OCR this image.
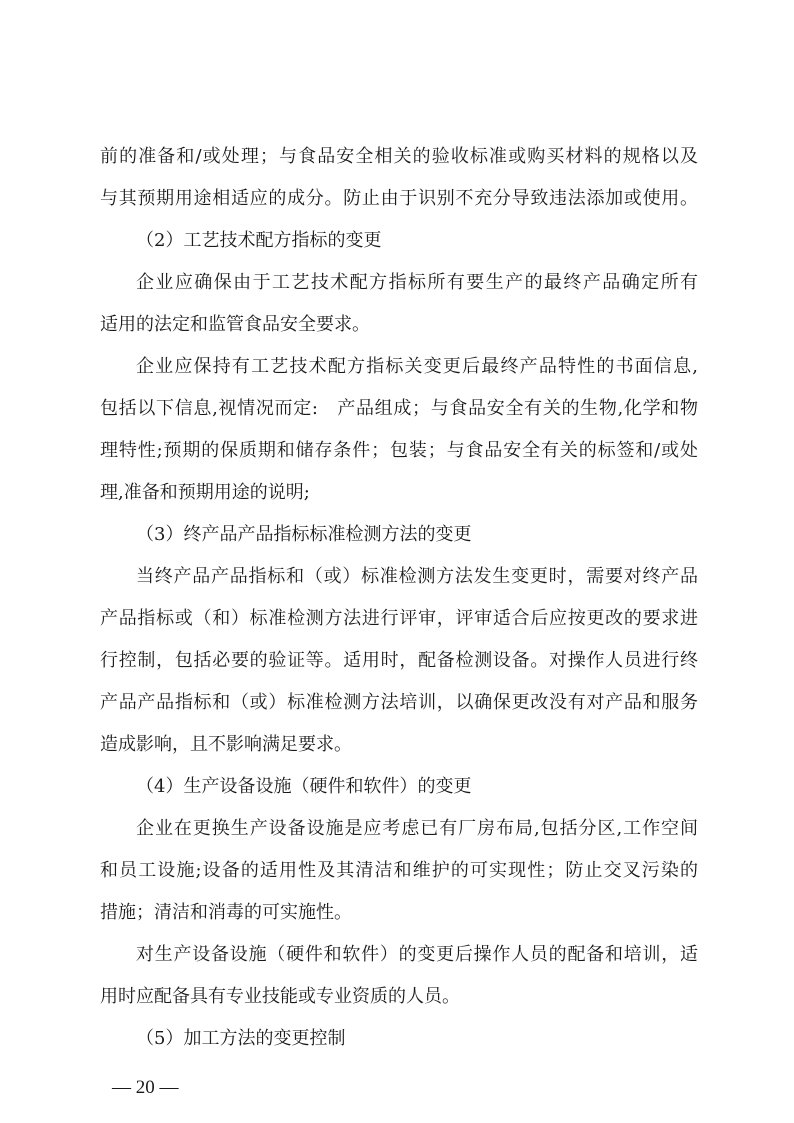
前的准备和/或处理；与食品安全相关的验收标准或购买材料的规格以及
与其预期用途相适应的成分。防止由于识别不充分导致违法添加或使用。
（2）工艺技术配方指标的变更
企业应确保由于工艺技术配方指标所有要生产的最终产品确定所有
适用的法定和监管食品安全要求。
企业应保持有工艺技术配方指标关变更后最终产品特性的书面信息,
包括以下信息,视情况而定:　产品组成；与食品安全有关的生物,化学和物
理特性;预期的保质期和储存条件；包装；与食品安全有关的标签和/或处
理,准备和预期用途的说明;
（3）终产品产品指标标准检测方法的变更
当终产品产品指标和（或）标准检测方法发生变更时，需要对终产品
产品指标或（和）标准检测方法进行评审，评审适合后应按更改的要求进
行控制，包括必要的验证等。适用时，配备检测设备。对操作人员进行终
产品产品指标和（或）标准检测方法培训，以确保更改没有对产品和服务
造成影响，且不影响满足要求。
（4）生产设备设施（硬件和软件）的变更
企业在更换生产设备设施是应考虑已有厂房布局,包括分区,工作空间
和员工设施;设备的适用性及其清洁和维护的可实现性；防止交叉污染的
措施；清洁和消毒的可实施性。
对生产设备设施（硬件和软件）的变更后操作人员的配备和培训，适
用时应配备具有专业技能或专业资质的人员。
（5）加工方法的变更控制
— 20 —
